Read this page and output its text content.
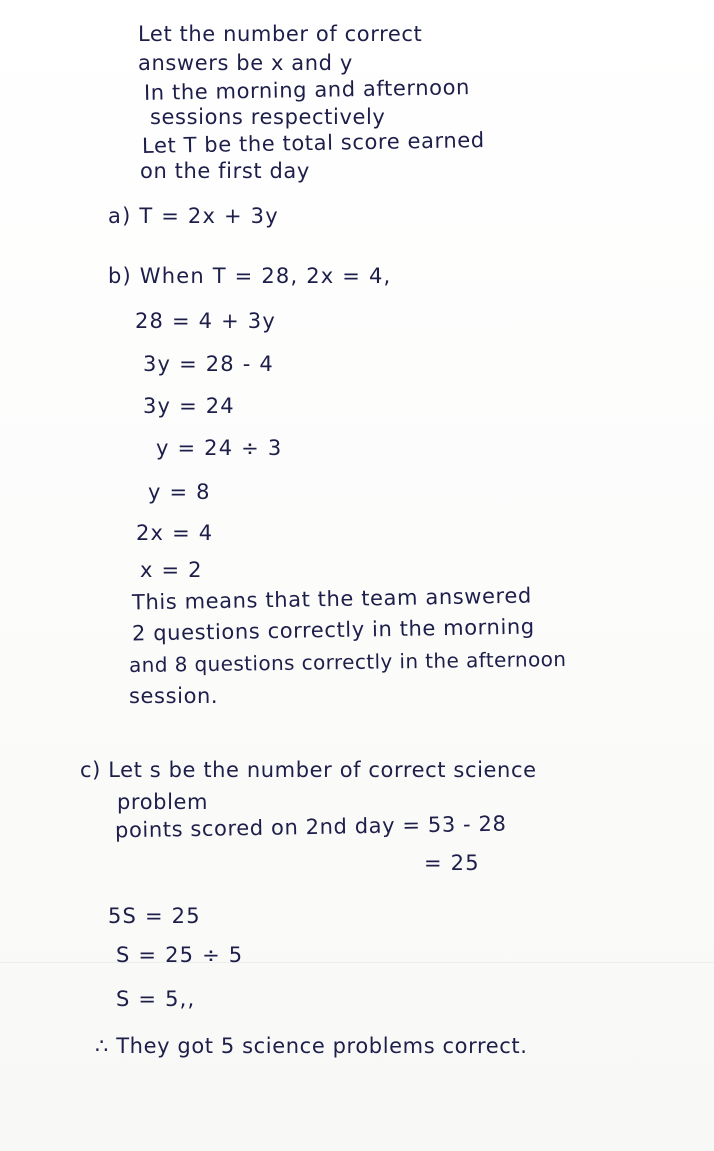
Let the number of correct
answers be x and y
In the morning and afternoon
sessions respectively
Let T be the total score earned
on the first day
a) T = 2x + 3y
b) When T = 28, 2x = 4,
28 = 4 + 3y
3y = 28 - 4
3y = 24
y = 24 ÷ 3
y = 8
2x = 4
x = 2
This means that the team answered
2 questions correctly in the morning
and 8 questions correctly in the afternoon
session.
c) Let s be the number of correct science
problem
points scored on 2nd day = 53 - 28
= 25
5S = 25
S = 25 ÷ 5
S = 5,,
∴ They got 5 science problems correct.
